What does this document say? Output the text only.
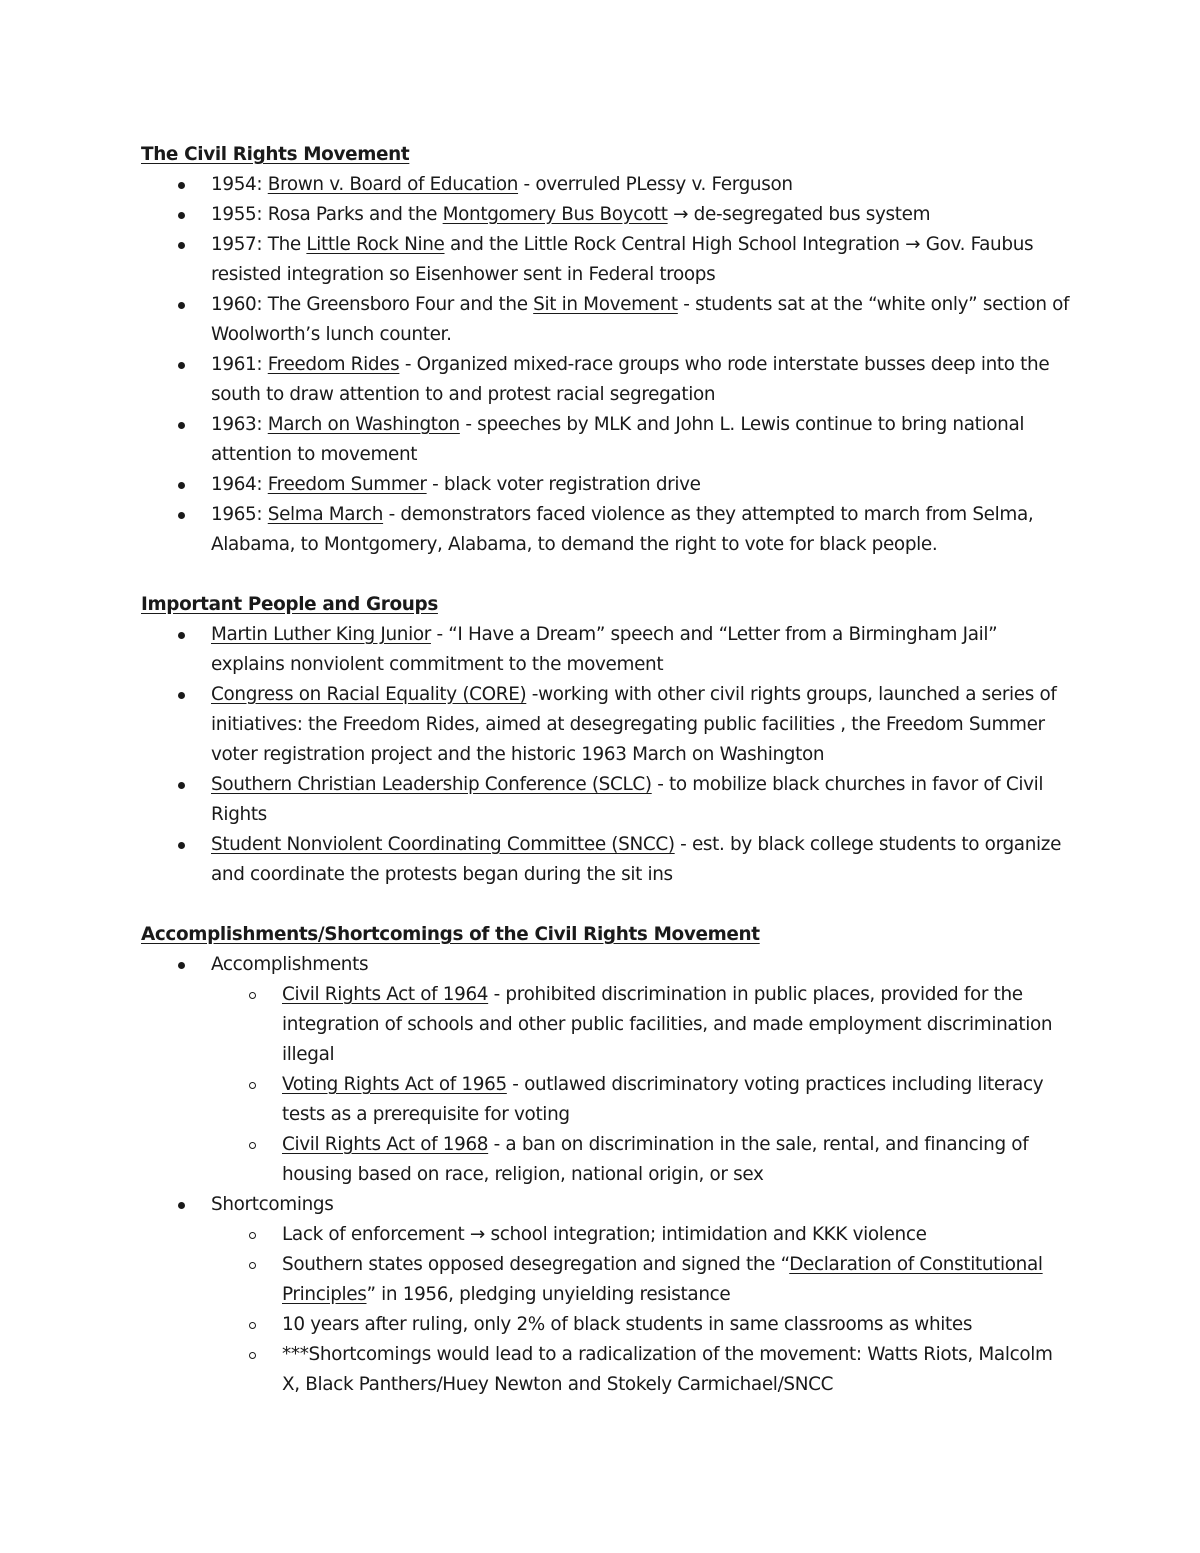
The Civil Rights Movement
1954: Brown v. Board of Education - overruled PLessy v. Ferguson
1955: Rosa Parks and the Montgomery Bus Boycott → de-segregated bus system
1957: The Little Rock Nine and the Little Rock Central High School Integration → Gov. Faubus resisted integration so Eisenhower sent in Federal troops
1960: The Greensboro Four and the Sit in Movement - students sat at the “white only” section of Woolworth’s lunch counter.
1961: Freedom Rides - Organized mixed-race groups who rode interstate busses deep into the south to draw attention to and protest racial segregation
1963: March on Washington - speeches by MLK and John L. Lewis continue to bring national attention to movement
1964: Freedom Summer - black voter registration drive
1965: Selma March - demonstrators faced violence as they attempted to march from Selma, Alabama, to Montgomery, Alabama, to demand the right to vote for black people.
Important People and Groups
Martin Luther King Junior - “I Have a Dream” speech and “Letter from a Birmingham Jail” explains nonviolent commitment to the movement
Congress on Racial Equality (CORE) -working with other civil rights groups, launched a series of initiatives: the Freedom Rides, aimed at desegregating public facilities , the Freedom Summer voter registration project and the historic 1963 March on Washington
Southern Christian Leadership Conference (SCLC) - to mobilize black churches in favor of Civil Rights
Student Nonviolent Coordinating Committee (SNCC) - est. by black college students to organize and coordinate the protests began during the sit ins
Accomplishments/Shortcomings of the Civil Rights Movement
Accomplishments
Civil Rights Act of 1964 - prohibited discrimination in public places, provided for the integration of schools and other public facilities, and made employment discrimination illegal
Voting Rights Act of 1965 - outlawed discriminatory voting practices including literacy tests as a prerequisite for voting
Civil Rights Act of 1968 - a ban on discrimination in the sale, rental, and financing of housing based on race, religion, national origin, or sex
Shortcomings
Lack of enforcement → school integration; intimidation and KKK violence
Southern states opposed desegregation and signed the “Declaration of Constitutional Principles” in 1956, pledging unyielding resistance
10 years after ruling, only 2% of black students in same classrooms as whites
***Shortcomings would lead to a radicalization of the movement: Watts Riots, Malcolm X, Black Panthers/Huey Newton and Stokely Carmichael/SNCC
